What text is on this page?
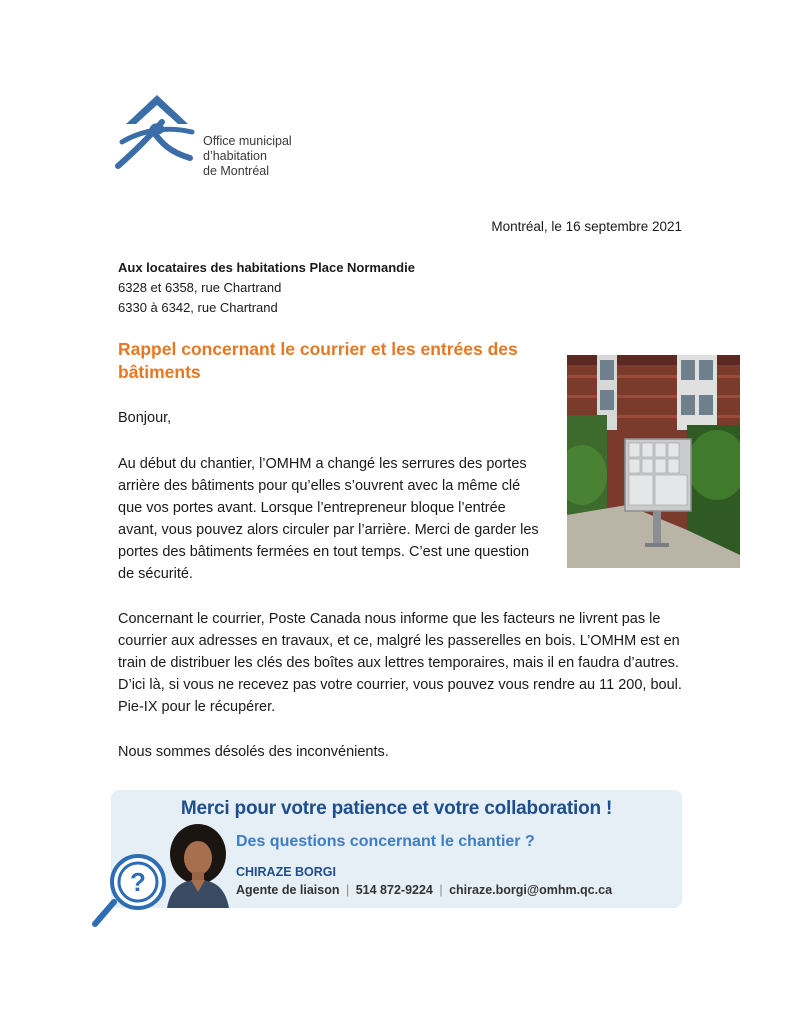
Office municipal
d’habitation
de Montréal
Montréal, le 16 septembre 2021
Aux locataires des habitations Place Normandie
6328 et 6358, rue Chartrand
6330 à 6342, rue Chartrand
Rappel concernant le courrier et les entrées des bâtiments

Bonjour,

Au début du chantier, l’OMHM a changé les serrures des portes arrière des bâtiments pour qu’elles s’ouvrent avec la même clé que vos portes avant. Lorsque l’entrepreneur bloque l’entrée avant, vous pouvez alors circuler par l’arrière. Merci de garder les portes des bâtiments fermées en tout temps. C’est une question de sécurité.

Concernant le courrier, Poste Canada nous informe que les facteurs ne livrent pas le courrier aux adresses en travaux, et ce, malgré les passerelles en bois. L’OMHM est en train de distribuer les clés des boîtes aux lettres temporaires, mais il en faudra d’autres. D’ici là, si vous ne recevez pas votre courrier, vous pouvez vous rendre au 11 200, boul. Pie-IX pour le récupérer.

Nous sommes désolés des inconvénients.

Merci pour votre patience et votre collaboration !
Des questions concernant le chantier ?
CHIRAZE BORGI
Agente de liaison | 514 872-9224 | chiraze.borgi@omhm.qc.ca
?
